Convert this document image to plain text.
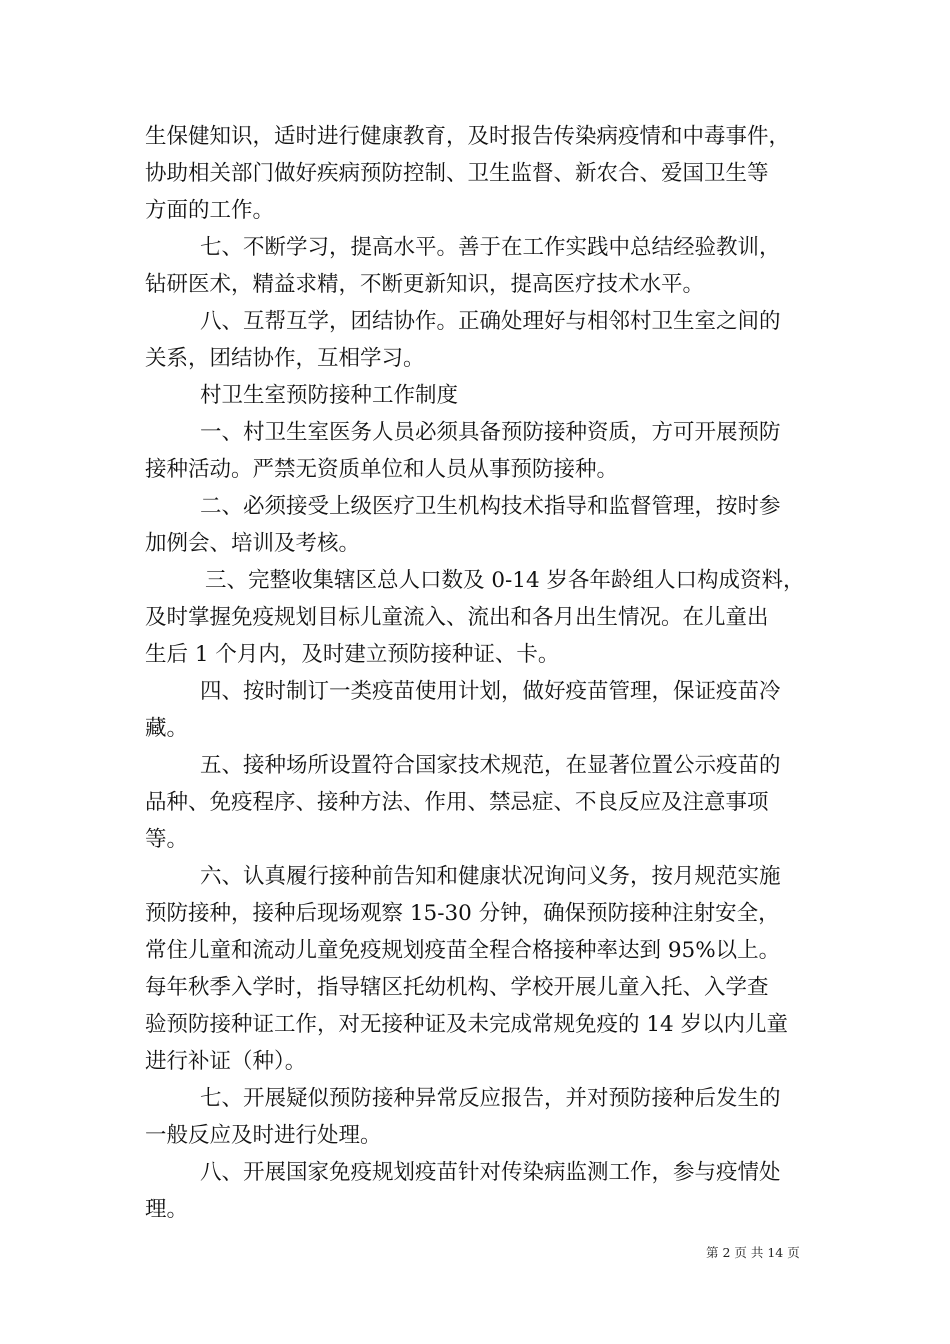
生保健知识，适时进行健康教育，及时报告传染病疫情和中毒事件，
协助相关部门做好疾病预防控制、卫生监督、新农合、爱国卫生等
方面的工作。
七、不断学习，提高水平。善于在工作实践中总结经验教训，
钻研医术，精益求精，不断更新知识，提高医疗技术水平。
八、互帮互学，团结协作。正确处理好与相邻村卫生室之间的
关系，团结协作，互相学习。
村卫生室预防接种工作制度
一、村卫生室医务人员必须具备预防接种资质，方可开展预防
接种活动。严禁无资质单位和人员从事预防接种。
二、必须接受上级医疗卫生机构技术指导和监督管理，按时参
加例会、培训及考核。
三、完整收集辖区总人口数及 0-14 岁各年龄组人口构成资料，
及时掌握免疫规划目标儿童流入、流出和各月出生情况。在儿童出
生后 1 个月内，及时建立预防接种证、卡。
四、按时制订一类疫苗使用计划，做好疫苗管理，保证疫苗冷
藏。
五、接种场所设置符合国家技术规范，在显著位置公示疫苗的
品种、免疫程序、接种方法、作用、禁忌症、不良反应及注意事项
等。
六、认真履行接种前告知和健康状况询问义务，按月规范实施
预防接种，接种后现场观察 15-30 分钟，确保预防接种注射安全，
常住儿童和流动儿童免疫规划疫苗全程合格接种率达到 95%以上。
每年秋季入学时，指导辖区托幼机构、学校开展儿童入托、入学查
验预防接种证工作，对无接种证及未完成常规免疫的 14 岁以内儿童
进行补证（种）。
七、开展疑似预防接种异常反应报告，并对预防接种后发生的
一般反应及时进行处理。
八、开展国家免疫规划疫苗针对传染病监测工作，参与疫情处
理。
第 2 页 共 14 页
